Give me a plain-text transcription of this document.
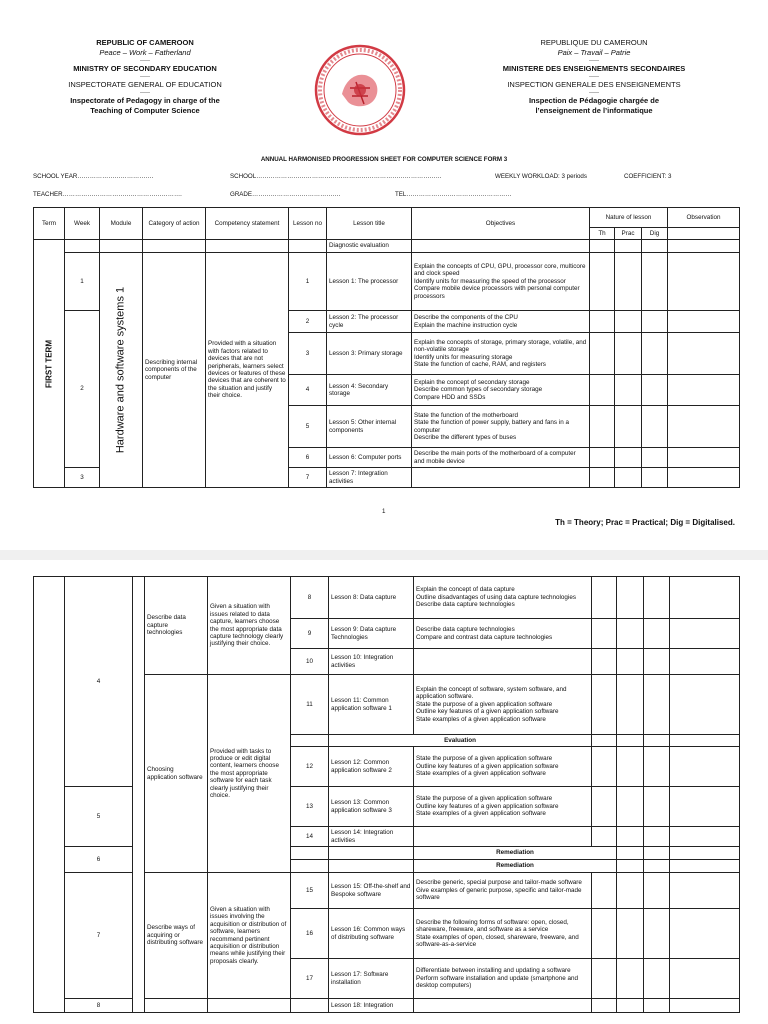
REPUBLIC OF CAMEROON
Peace – Work – Fatherland
-----
MINISTRY OF SECONDARY EDUCATION
-----
INSPECTORATE GENERAL OF EDUCATION
-----
Inspectorate of Pedagogy in charge of the
Teaching of Computer Science
REPUBLIQUE DU CAMEROUN
Paix – Travail – Patrie
-----
MINISTERE DES ENSEIGNEMENTS SECONDAIRES
-----
INSPECTION GENERALE DES ENSEIGNEMENTS
-----
Inspection de Pédagogie chargée de
l’enseignement de l’informatique
ANNUAL HARMONISED PROGRESSION SHEET FOR COMPUTER SCIENCE FORM 3
SCHOOL YEAR……………………………….	SCHOOL………………………………………………………………………………	WEEKLY WORKLOAD: 3 periods	COEFFICIENT: 3
TEACHER………………………………………………….	GRADE…………………………………….	TEL……………………………………………
Term	Week	Module	Category of action	Competency statement	Lesson no	Lesson title	Objectives	Nature of lesson			Observation
								Th	Prac	Dig	

FIRST TERM						Diagnostic evaluation					
	1	Hardware and software systems 1	Describing internal components of the computer	Provided with a situation with factors related to devices that are not peripherals, learners select devices or features of these devices that are coherent to the situation and justify their choice.	1	Lesson 1: The processor	Explain the concepts of CPU, GPU, processor core, multicore and clock speed
Identify units for measuring the speed of the processor
Compare mobile device processors with personal computer processors				

	2				2	Lesson 2: The processor cycle	Describe the components of the CPU
Explain the machine instruction cycle				

					3	Lesson 3: Primary storage	Explain the concepts of storage, primary storage, volatile, and non-volatile storage
Identify units for measuring storage
State the function of cache, RAM, and registers				

					4	Lesson 4: Secondary storage	Explain the concept of secondary storage
Describe common types of secondary storage
Compare HDD and SSDs				

					5	Lesson 5: Other internal components	State the function of the motherboard
State the function of power supply, battery and fans in a computer
Describe the different types of buses				

					6	Lesson 6: Computer ports	Describe the main ports of the motherboard of a computer and mobile device				
	3				7	Lesson 7: Integration activities					
1
Th = Theory; Prac = Practical; Dig = Digitalised.
	4		Describe data capture technologies	Given a situation with issues related to data capture, learners choose the most appropriate data capture technology clearly justifying their choice.	8	Lesson 8: Data capture	Explain the concept of data capture
Outline disadvantages of using data capture technologies
Describe data capture technologies					

					9	Lesson 9: Data capture Technologies	Describe data capture technologies
Compare and contrast data capture technologies					

					10	Lesson 10: Integration activities						
			Choosing application software	Provided with tasks to produce or edit digital content, learners choose the most appropriate software for each task clearly justifying their choice.	11	Lesson 11: Common application software 1	Explain the concept of software, system software, and application software.
State the purpose of a given application software
Outline key features of a given application software
State examples of a given application software					

						Evaluation						
					12	Lesson 12: Common application software 2	State the purpose of a given application software
Outline key features of a given application software
State examples of a given application software					

	5				13	Lesson 13: Common application software 3	State the purpose of a given application software
Outline key features of a given application software
State examples of a given application software					

					14	Lesson 14: Integration activities						
	6						Remediation					
							Remediation					
	7		Describe ways of acquiring or distributing software	Given a situation with issues involving the acquisition or distribution of software, learners recommend pertinent acquisition or distribution means while justifying their proposals clearly.	15	Lesson 15: Off-the-shelf and Bespoke software	Describe generic, special purpose and tailor-made software
Give examples of generic purpose, specific and tailor-made software					

					16	Lesson 16: Common ways of distributing software	Describe the following forms of software: open, closed, shareware, freeware, and software as a service
State examples of open, closed, shareware, freeware, and software-as-a-service					

					17	Lesson 17: Software installation	Differentiate between installing and updating a software
Perform software installation and update (smartphone and desktop computers)					

	8					Lesson 18: Integration						
